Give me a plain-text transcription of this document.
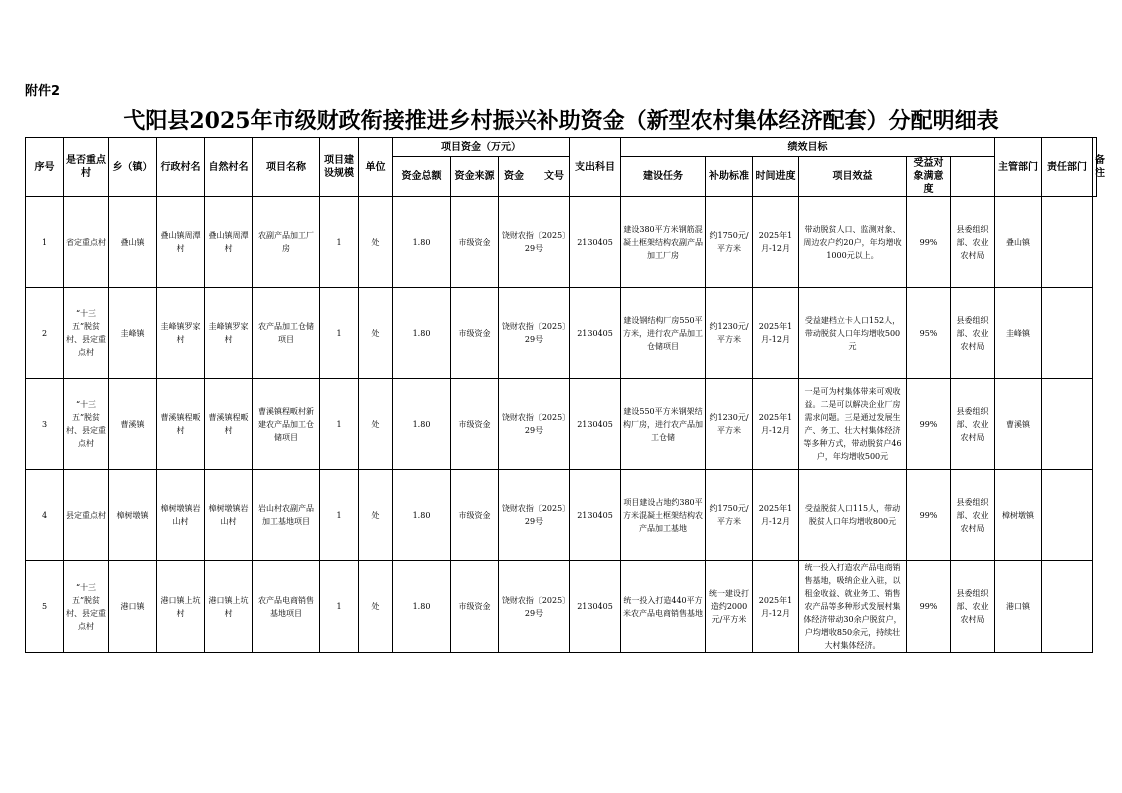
附件2
弋阳县2025年市级财政衔接推进乡村振兴补助资金（新型农村集体经济配套）分配明细表
序号	是否重点村	乡（镇）	行政村名	自然村名	项目名称	项目建设规模	单位	项目资金（万元）			支出科目	绩效目标						主管部门	责任部门	备注
								资金总额	资金来源	资金 文号		建设任务	补助标准	时间进度	项目效益	受益对象满意度				
1	省定重点村	叠山镇	叠山镇周潭村	叠山镇周潭村	农副产品加工厂房	1	处	1.80	市级资金	饶财农指〔2025〕29号	2130405	建设380平方米钢筋混凝土框架结构农副产品加工厂房	约1750元/平方米	2025年1月-12月	带动脱贫人口、监测对象、周边农户约20户，年均增收1000元以上。	99%	县委组织部、农业农村局	叠山镇		
2	“十三五”脱贫村、县定重点村	圭峰镇	圭峰镇罗家村	圭峰镇罗家村	农产品加工仓储项目	1	处	1.80	市级资金	饶财农指〔2025〕29号	2130405	建设钢结构厂房550平方米，进行农产品加工仓储项目	约1230元/平方米	2025年1月-12月	受益建档立卡人口152人，带动脱贫人口年均增收500元	95%	县委组织部、农业农村局	圭峰镇		
3	“十三五”脱贫村、县定重点村	曹溪镇	曹溪镇程畈村	曹溪镇程畈村	曹溪镇程畈村新建农产品加工仓储项目	1	处	1.80	市级资金	饶财农指〔2025〕29号	2130405	建设550平方米钢架结构厂房，进行农产品加工仓储	约1230元/平方米	2025年1月-12月	一是可为村集体带来可观收益。二是可以解决企业厂房需求问题。三是通过发展生产、务工、壮大村集体经济等多种方式，带动脱贫户46户，年均增收500元	99%	县委组织部、农业农村局	曹溪镇		
4	县定重点村	樟树墩镇	樟树墩镇岩山村	樟树墩镇岩山村	岩山村农副产品加工基地项目	1	处	1.80	市级资金	饶财农指〔2025〕29号	2130405	项目建设占地约380平方米混凝土框架结构农产品加工基地	约1750元/平方米	2025年1月-12月	受益脱贫人口115人，带动脱贫人口年均增收800元	99%	县委组织部、农业农村局	樟树墩镇		
5	“十三五”脱贫村、县定重点村	港口镇	港口镇上坑村	港口镇上坑村	农产品电商销售基地项目	1	处	1.80	市级资金	饶财农指〔2025〕29号	2130405	统一投入打造440平方米农产品电商销售基地	统一建设打造约2000元/平方米	2025年1月-12月	统一投入打造农产品电商销售基地，吸纳企业入驻，以租金收益、就业务工、销售农产品等多种形式发展村集体经济带动30余户脱贫户，户均增收850余元，持续壮大村集体经济。	99%	县委组织部、农业农村局	港口镇		
